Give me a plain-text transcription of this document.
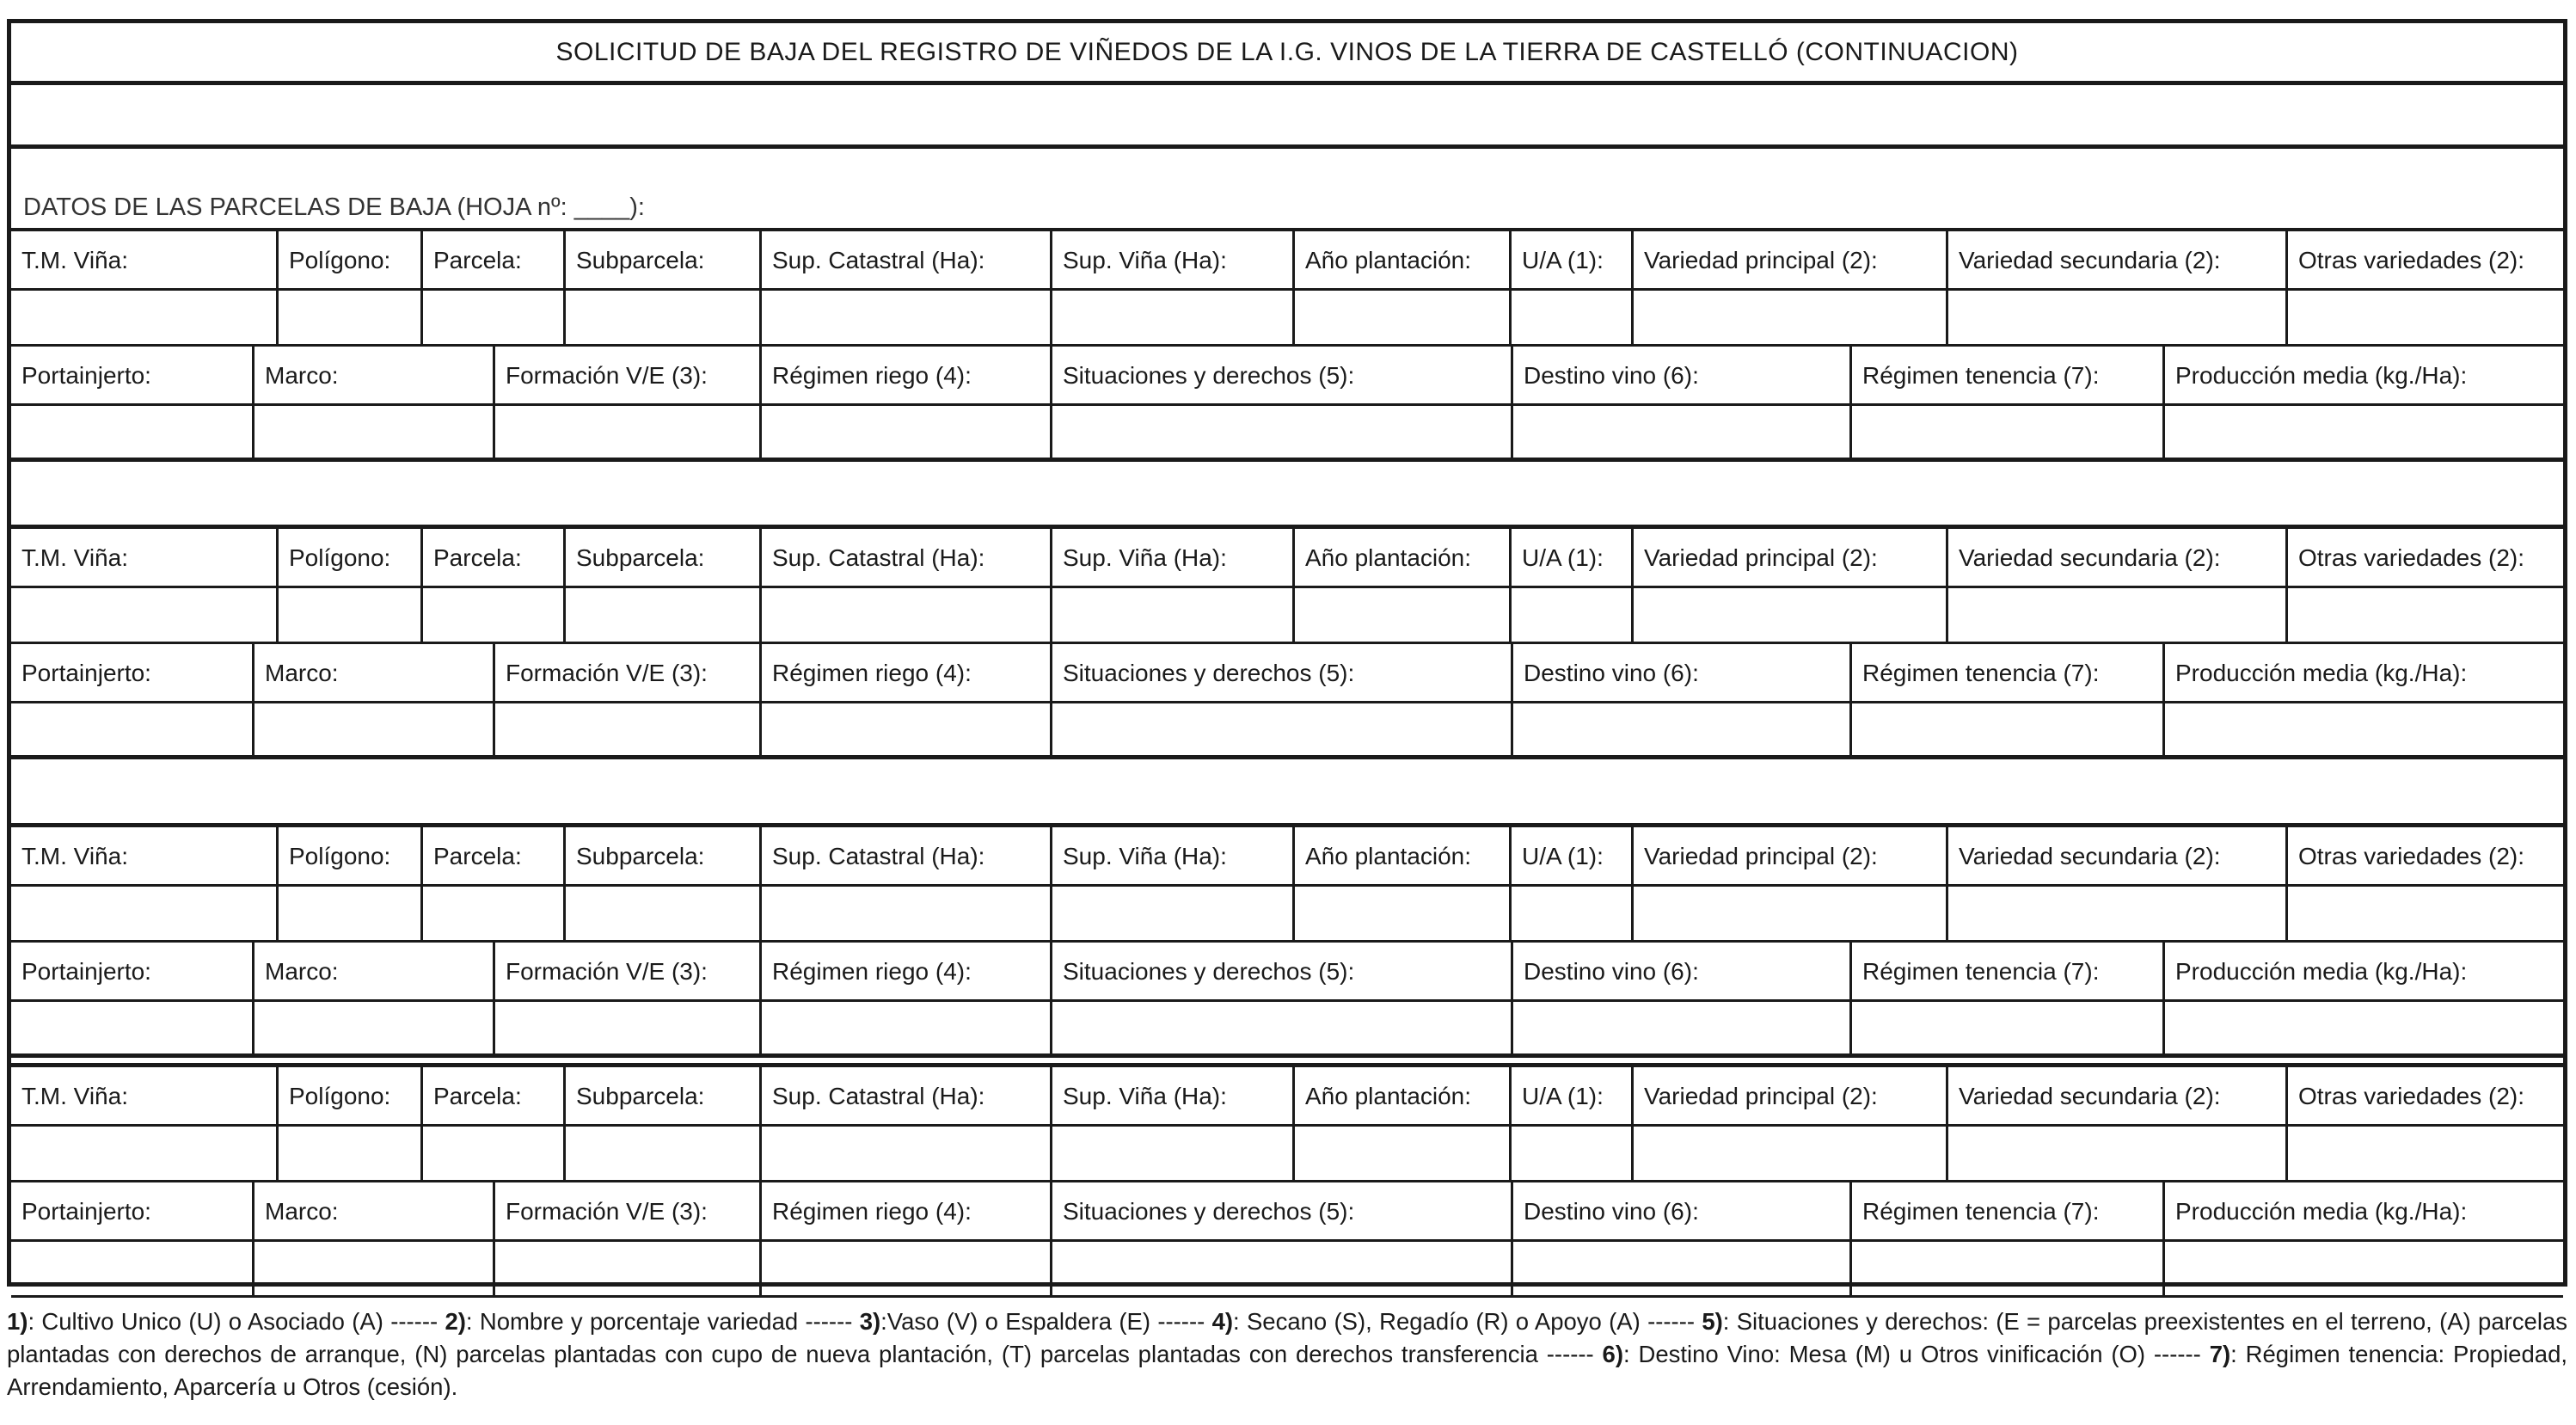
SOLICITUD DE BAJA DEL REGISTRO DE VIÑEDOS DE LA I.G. VINOS DE LA TIERRA DE CASTELLÓ (CONTINUACION)
DATOS DE LAS PARCELAS DE BAJA (HOJA nº: ____):
T.M. Viña:	Polígono: Parcela: Subparcela:	Sup. Catastral (Ha):	Sup. Viña (Ha):	Año plantación: U/A (1): Variedad principal (2):	Variedad secundaria (2):	Otras variedades (2):
Portainjerto:	Marco:	Formación V/E (3):	Régimen riego (4):	Situaciones y derechos (5):	Destino vino (6):	Régimen tenencia (7):	Producción media (kg./Ha):
T.M. Viña:	Polígono: Parcela: Subparcela:	Sup. Catastral (Ha):	Sup. Viña (Ha):	Año plantación: U/A (1): Variedad principal (2):	Variedad secundaria (2):	Otras variedades (2):
Portainjerto:	Marco:	Formación V/E (3):	Régimen riego (4):	Situaciones y derechos (5):	Destino vino (6):	Régimen tenencia (7):	Producción media (kg./Ha):
T.M. Viña:	Polígono: Parcela: Subparcela:	Sup. Catastral (Ha):	Sup. Viña (Ha):	Año plantación: U/A (1): Variedad principal (2):	Variedad secundaria (2):	Otras variedades (2):
Portainjerto:	Marco:	Formación V/E (3):	Régimen riego (4):	Situaciones y derechos (5):	Destino vino (6):	Régimen tenencia (7):	Producción media (kg./Ha):
T.M. Viña:	Polígono: Parcela: Subparcela:	Sup. Catastral (Ha):	Sup. Viña (Ha):	Año plantación: U/A (1): Variedad principal (2):	Variedad secundaria (2):	Otras variedades (2):
Portainjerto:	Marco:	Formación V/E (3):	Régimen riego (4):	Situaciones y derechos (5):	Destino vino (6):	Régimen tenencia (7):	Producción media (kg./Ha):
1): Cultivo Unico (U) o Asociado (A) ------ 2): Nombre y porcentaje variedad ------ 3):Vaso (V) o Espaldera (E) ------ 4): Secano (S), Regadío (R) o Apoyo (A) ------ 5): Situaciones y derechos: (E = parcelas preexistentes en el terreno, (A) parcelas plantadas con derechos de arranque, (N) parcelas plantadas con cupo de nueva plantación, (T) parcelas plantadas con derechos transferencia ------ 6): Destino Vino: Mesa (M) u Otros vinificación (O) ------ 7): Régimen tenencia: Propiedad, Arrendamiento, Aparcería u Otros (cesión).
